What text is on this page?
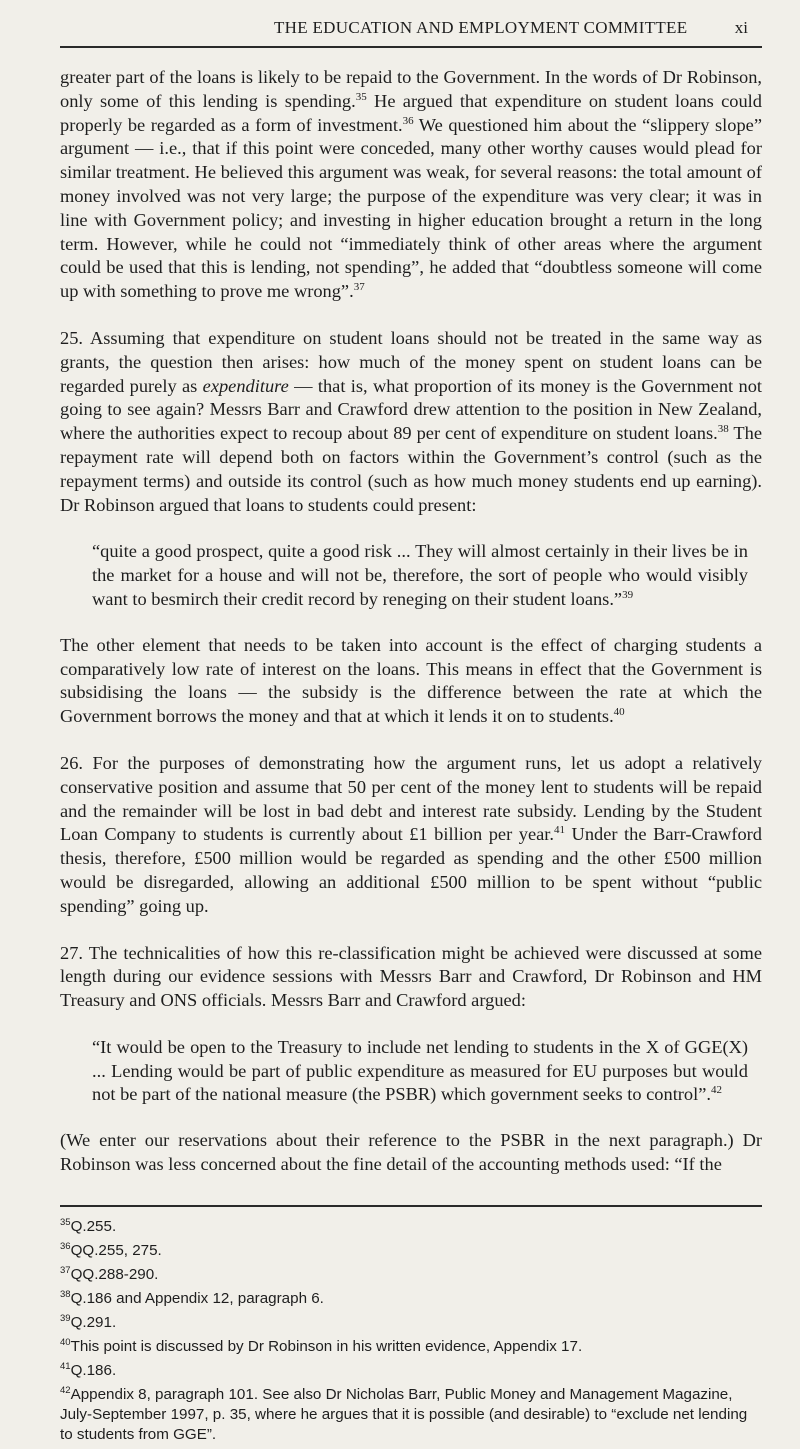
THE EDUCATION AND EMPLOYMENT COMMITTEE	xi

greater part of the loans is likely to be repaid to the Government. In the words of Dr Robinson, only some of this lending is spending.$^{35}$ He argued that expenditure on student loans could properly be regarded as a form of investment.$^{36}$ We questioned him about the “slippery slope” argument — i.e., that if this point were conceded, many other worthy causes would plead for similar treatment. He believed this argument was weak, for several reasons: the total amount of money involved was not very large; the purpose of the expenditure was very clear; it was in line with Government policy; and investing in higher education brought a return in the long term. However, while he could not “immediately think of other areas where the argument could be used that this is lending, not spending”, he added that “doubtless someone will come up with something to prove me wrong”.$^{37}$

25. Assuming that expenditure on student loans should not be treated in the same way as grants, the question then arises: how much of the money spent on student loans can be regarded purely as expenditure — that is, what proportion of its money is the Government not going to see again? Messrs Barr and Crawford drew attention to the position in New Zealand, where the authorities expect to recoup about 89 per cent of expenditure on student loans.$^{38}$ The repayment rate will depend both on factors within the Government’s control (such as the repayment terms) and outside its control (such as how much money students end up earning). Dr Robinson argued that loans to students could present:

“quite a good prospect, quite a good risk ... They will almost certainly in their lives be in the market for a house and will not be, therefore, the sort of people who would visibly want to besmirch their credit record by reneging on their student loans.”$^{39}$

The other element that needs to be taken into account is the effect of charging students a comparatively low rate of interest on the loans. This means in effect that the Government is subsidising the loans — the subsidy is the difference between the rate at which the Government borrows the money and that at which it lends it on to students.$^{40}$

26. For the purposes of demonstrating how the argument runs, let us adopt a relatively conservative position and assume that 50 per cent of the money lent to students will be repaid and the remainder will be lost in bad debt and interest rate subsidy. Lending by the Student Loan Company to students is currently about £1 billion per year.$^{41}$ Under the Barr-Crawford thesis, therefore, £500 million would be regarded as spending and the other £500 million would be disregarded, allowing an additional £500 million to be spent without “public spending” going up.

27. The technicalities of how this re-classification might be achieved were discussed at some length during our evidence sessions with Messrs Barr and Crawford, Dr Robinson and HM Treasury and ONS officials. Messrs Barr and Crawford argued:

“It would be open to the Treasury to include net lending to students in the X of GGE(X) ... Lending would be part of public expenditure as measured for EU purposes but would not be part of the national measure (the PSBR) which government seeks to control”.$^{42}$

(We enter our reservations about their reference to the PSBR in the next paragraph.) Dr Robinson was less concerned about the fine detail of the accounting methods used: “If the

$^{35}$Q.255.

$^{36}$QQ.255, 275.

$^{37}$QQ.288-290.

$^{38}$Q.186 and Appendix 12, paragraph 6.

$^{39}$Q.291.

$^{40}$This point is discussed by Dr Robinson in his written evidence, Appendix 17.

$^{41}$Q.186.

$^{42}$Appendix 8, paragraph 101. See also Dr Nicholas Barr, Public Money and Management Magazine, July-September 1997, p. 35, where he argues that it is possible (and desirable) to “exclude net lending to students from GGE”.
